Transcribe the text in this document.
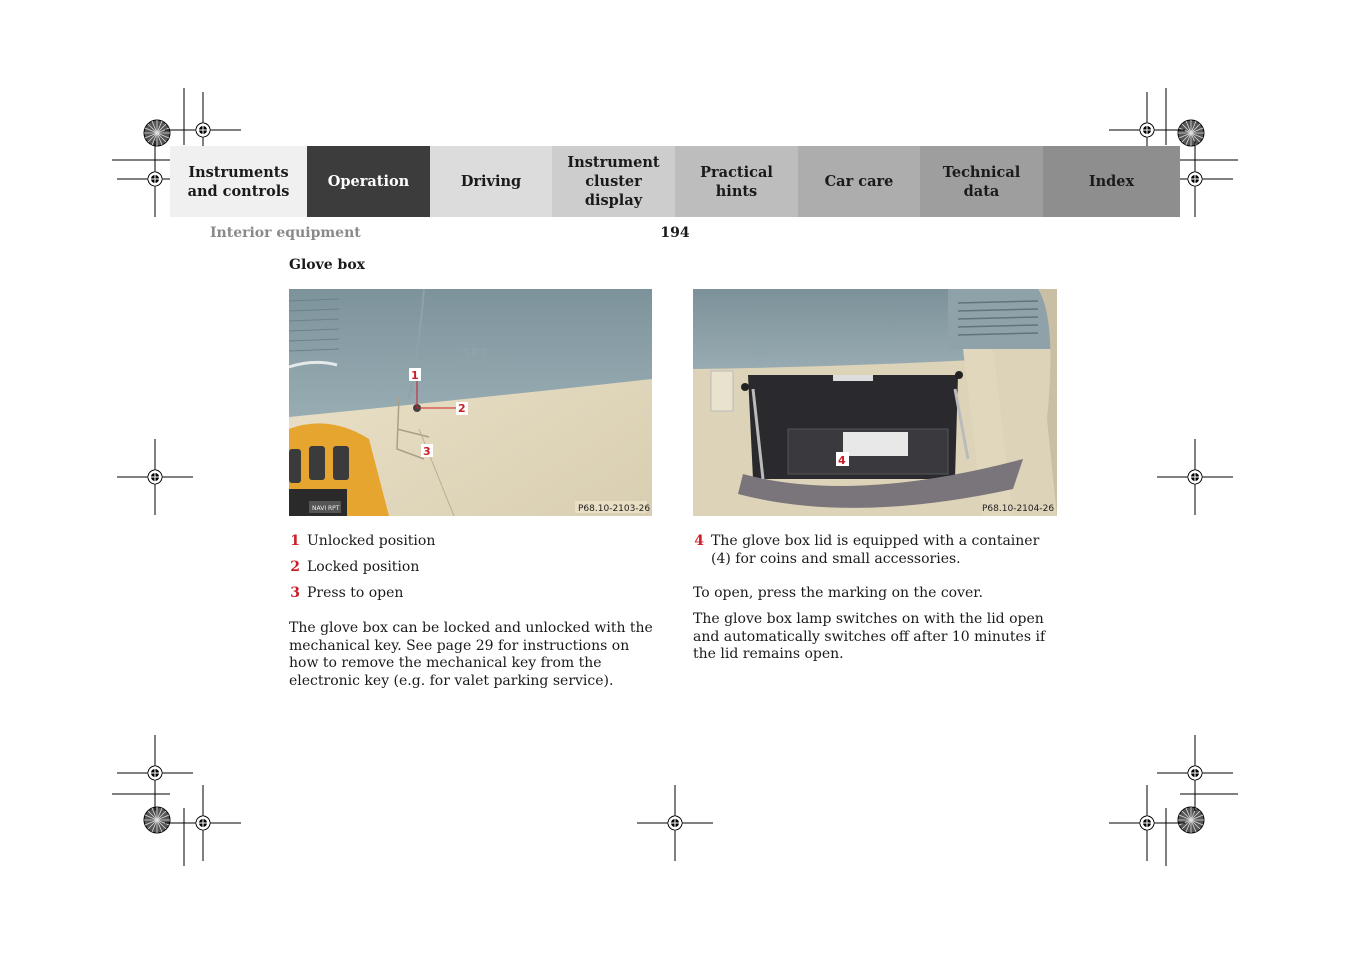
Instruments
and controls
Operation	Driving
Instrument
cluster display
Practical hints
Car care
Technical
data
Index
Interior equipment	194
Glove box
SRS
AIRBAG
NAVI RPT
1
2
3
P68.10-2103-26
SRS
AIRBAG
4
P68.10-2104-26
1 Unlocked position
2 Locked position
3 Press to open
The glove box can be locked and unlocked with the mechanical key. See page 29 for instructions on how to remove the mechanical key from the electronic key (e.g. for valet parking service).
4 The glove box lid is equipped with a container (4) for coins and small accessories.
To open, press the marking on the cover.
The glove box lamp switches on with the lid open and automatically switches off after 10 minutes if the lid remains open.
